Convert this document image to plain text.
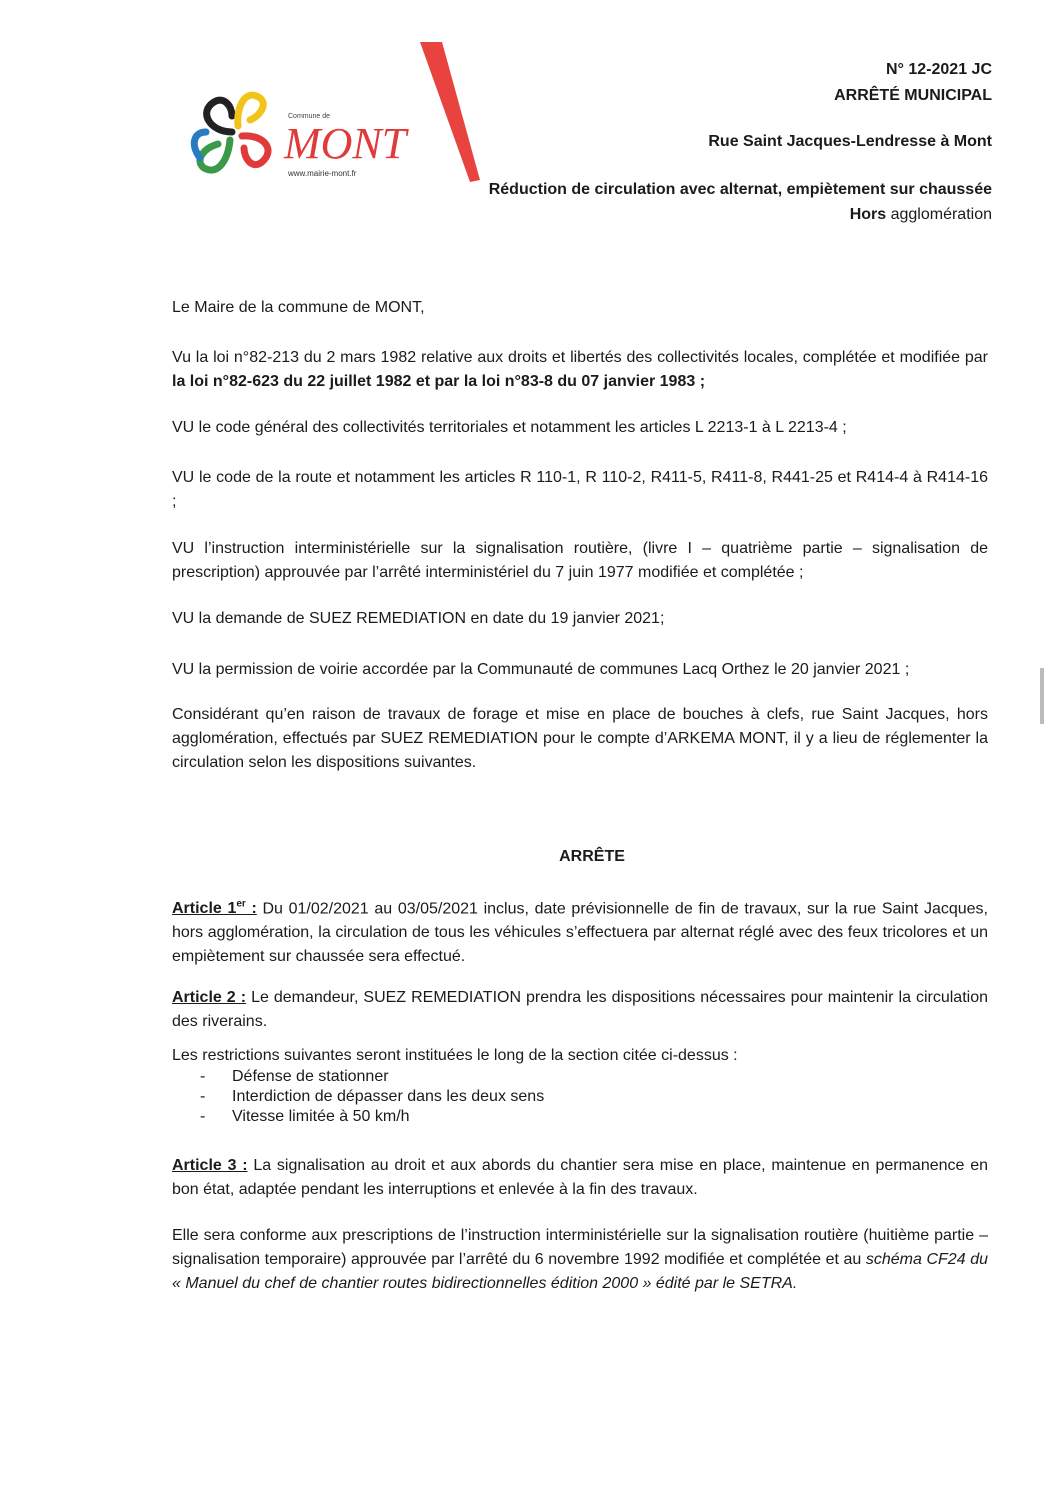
Commune de
MONT
www.mairie-mont.fr
N° 12-2021 JC
ARRÊTÉ MUNICIPAL
Rue Saint Jacques-Lendresse à Mont
Réduction de circulation avec alternat, empiètement sur chaussée
Hors agglomération

Le Maire de la commune de MONT,

Vu la loi n°82-213 du 2 mars 1982 relative aux droits et libertés des collectivités locales, complétée et modifiée par la loi n°82-623 du 22 juillet 1982 et par la loi n°83-8 du 07 janvier 1983 ;

VU le code général des collectivités territoriales et notamment les articles L 2213-1 à L 2213-4 ;

VU le code de la route et notamment les articles R 110-1, R 110-2, R411-5, R411-8, R441-25 et R414-4 à R414-16 ;

VU l’instruction interministérielle sur la signalisation routière, (livre I – quatrième partie – signalisation de prescription) approuvée par l’arrêté interministériel du 7 juin 1977 modifiée et complétée ;

VU la demande de SUEZ REMEDIATION en date du 19 janvier 2021;

VU la permission de voirie accordée par la Communauté de communes Lacq Orthez le 20 janvier 2021 ;

Considérant qu’en raison de travaux de forage et mise en place de bouches à clefs, rue Saint Jacques, hors agglomération, effectués par SUEZ REMEDIATION pour le compte d’ARKEMA MONT, il y a lieu de réglementer la circulation selon les dispositions suivantes.

ARRÊTE

Article 1er : Du 01/02/2021 au 03/05/2021 inclus, date prévisionnelle de fin de travaux, sur la rue Saint Jacques, hors agglomération, la circulation de tous les véhicules s’effectuera par alternat réglé avec des feux tricolores et un empiètement sur chaussée sera effectué.

Article 2 : Le demandeur, SUEZ REMEDIATION prendra les dispositions nécessaires pour maintenir la circulation des riverains.

Les restrictions suivantes seront instituées le long de la section citée ci-dessus :

- Défense de stationner
- Interdiction de dépasser dans les deux sens
- Vitesse limitée à 50 km/h

Article 3 : La signalisation au droit et aux abords du chantier sera mise en place, maintenue en permanence en bon état, adaptée pendant les interruptions et enlevée à la fin des travaux.

Elle sera conforme aux prescriptions de l’instruction interministérielle sur la signalisation routière (huitième partie – signalisation temporaire) approuvée par l’arrêté du 6 novembre 1992 modifiée et complétée et au schéma CF24 du « Manuel du chef de chantier routes bidirectionnelles édition 2000 » édité par le SETRA.
